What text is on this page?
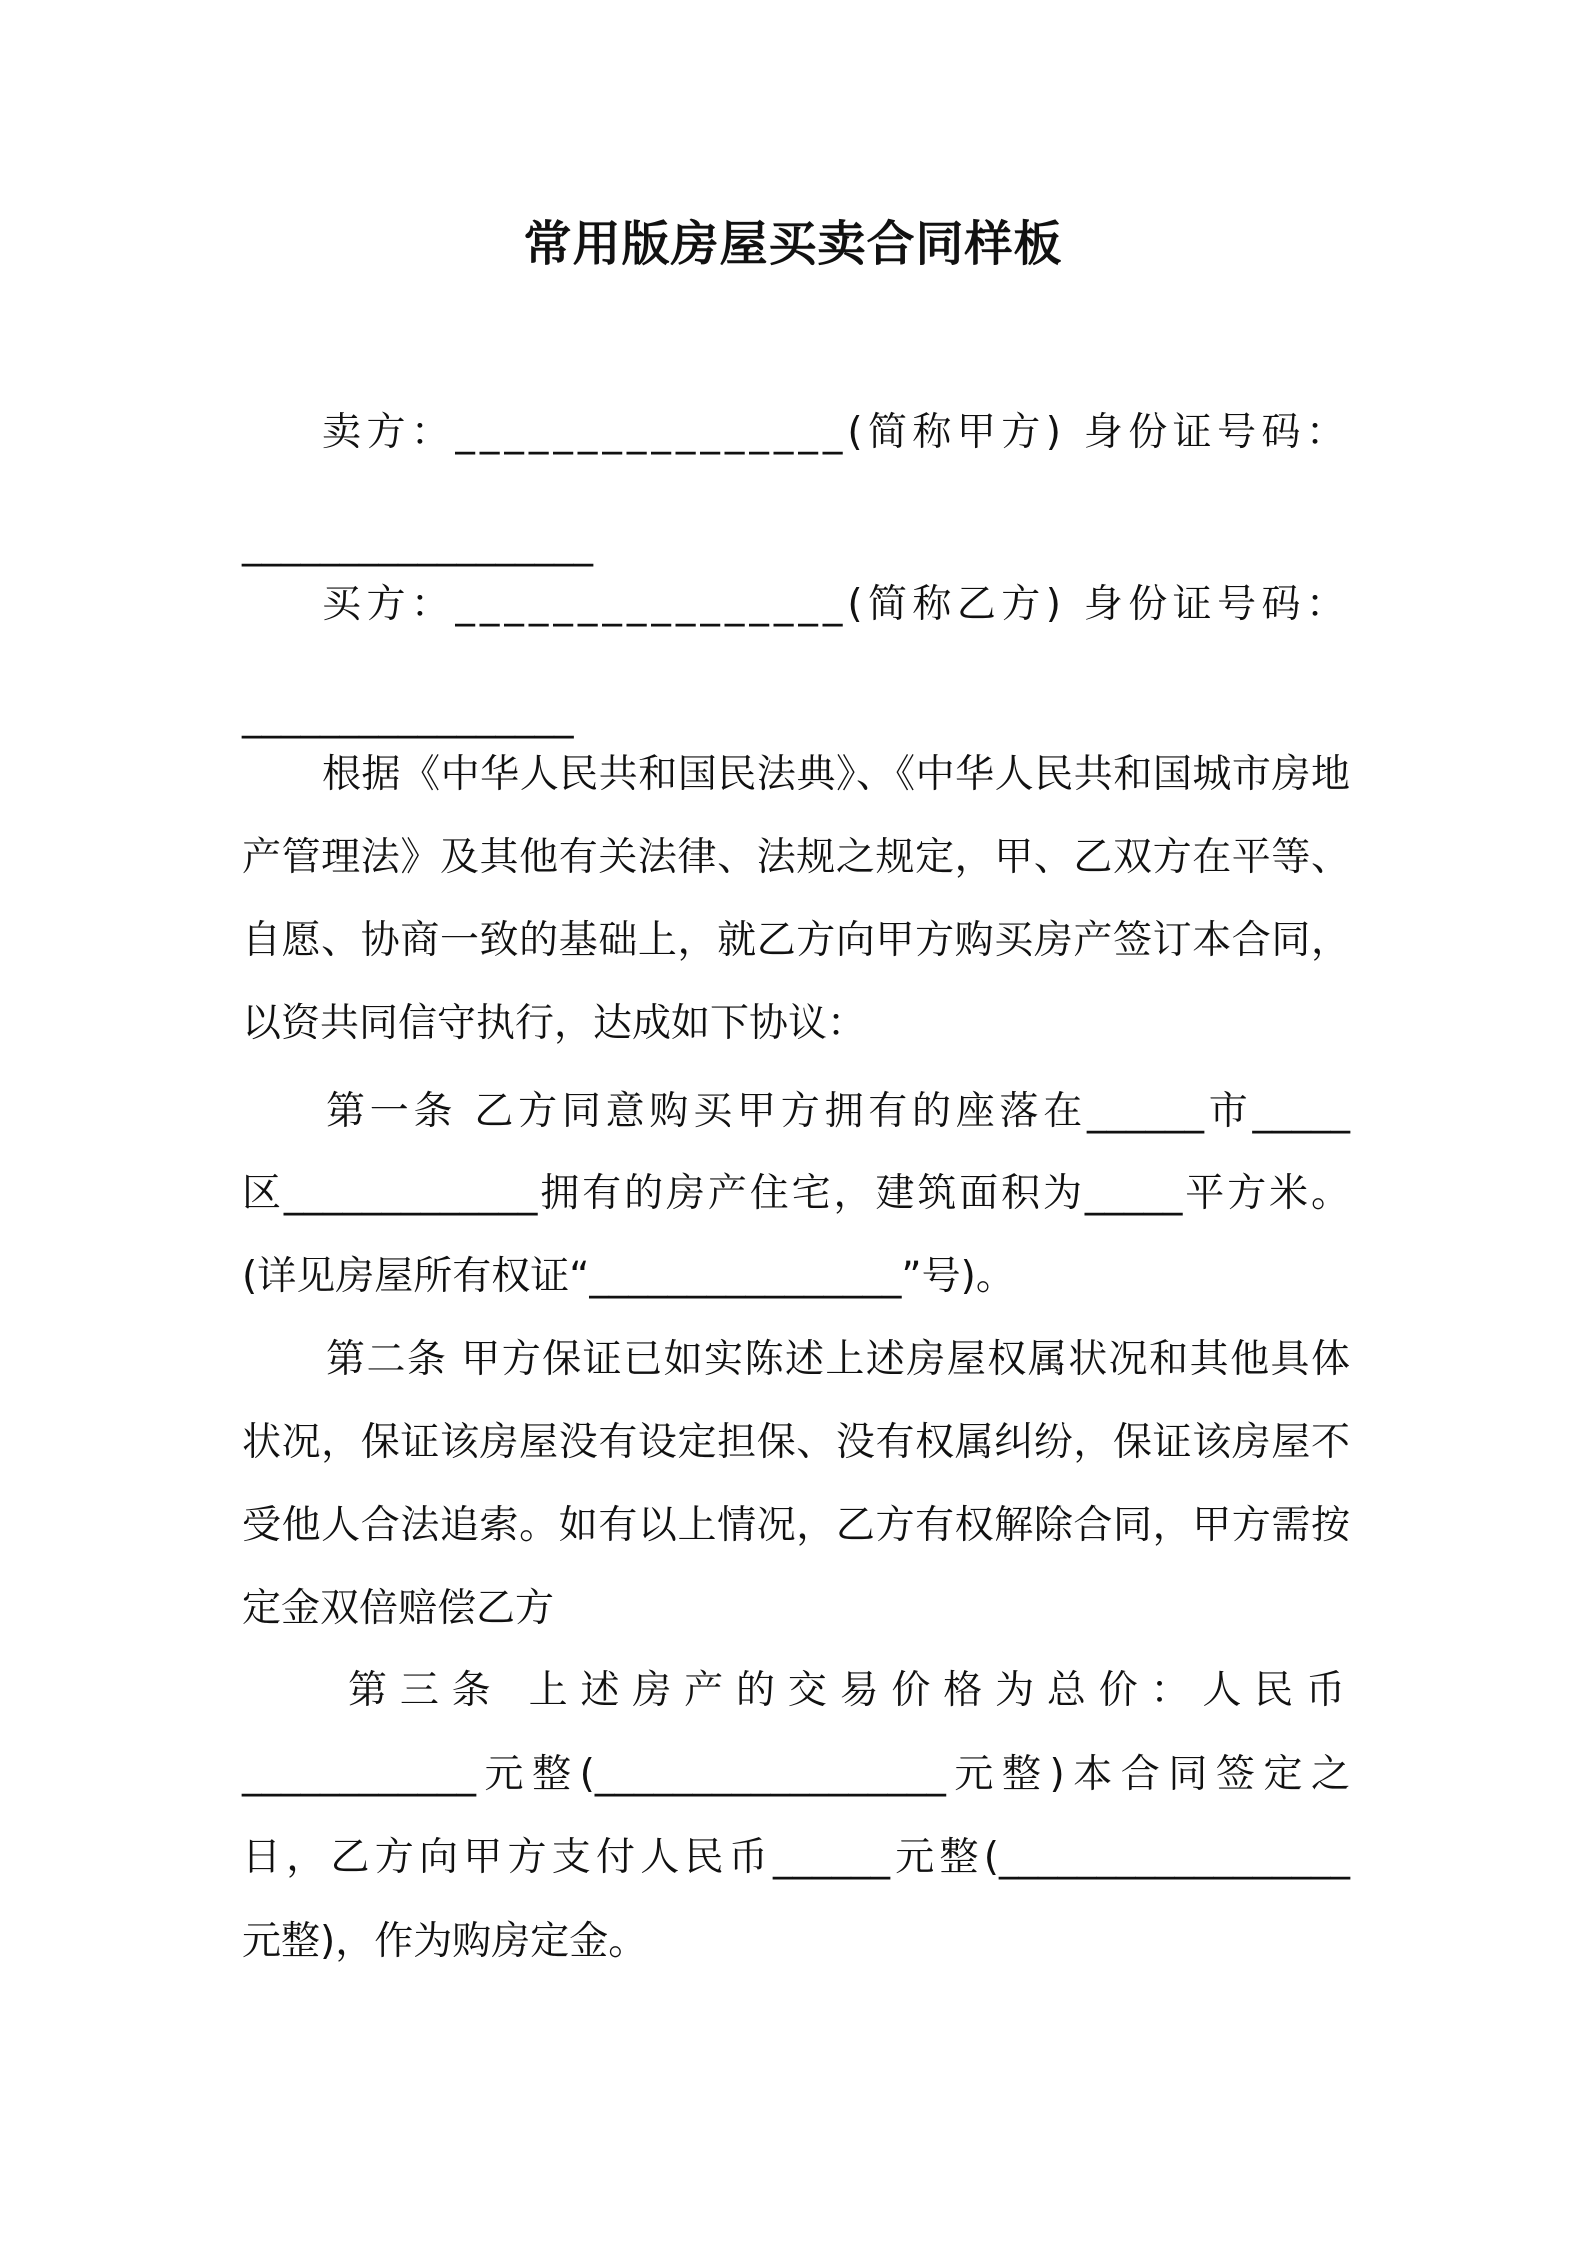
常用版房屋买卖合同样板
卖方：________________(简称甲方) 身份证号码：
__________________
买方：________________(简称乙方) 身份证号码：
_________________
根据《中华人民共和国民法典》、《中华人民共和国城市房地
产管理法》及其他有关法律、法规之规定，甲、乙双方在平等、
自愿、协商一致的基础上，就乙方向甲方购买房产签订本合同，
以资共同信守执行，达成如下协议：
第一条 乙方同意购买甲方拥有的座落在______市_____
区_____________拥有的房产住宅，建筑面积为_____平方米。
(详见房屋所有权证“________________”号)。
第二条 甲方保证已如实陈述上述房屋权属状况和其他具体
状况，保证该房屋没有设定担保、没有权属纠纷，保证该房屋不
受他人合法追索。如有以上情况，乙方有权解除合同，甲方需按
定金双倍赔偿乙方
第三条 上述房产的交易价格为总价：人民币
____________元整(__________________元整)本合同签定之
日，乙方向甲方支付人民币______元整(__________________
元整)，作为购房定金。
